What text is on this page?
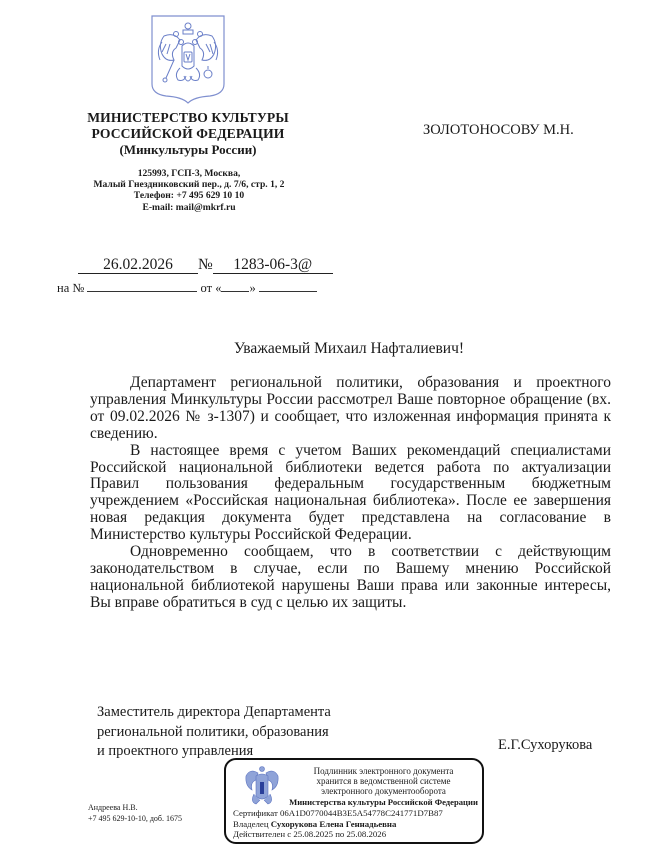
МИНИСТЕРСТВО КУЛЬТУРЫ
РОССИЙСКОЙ ФЕДЕРАЦИИ
(Минкультуры России)
125993, ГСП-3, Москва,
Малый Гнездниковский пер., д. 7/6, стр. 1, 2
Телефон: +7 495 629 10 10
E-mail: mail@mkrf.ru
ЗОЛОТОНОСОВУ М.Н.
26.02.2026 № 1283-06-3@
на №	от « »
Уважаемый Михаил Нафталиевич!

Департамент региональной политики, образования и проектного управления Минкультуры России рассмотрел Ваше повторное обращение (вх. от 09.02.2026 № з-1307) и сообщает, что изложенная информация принята к сведению.

В настоящее время с учетом Ваших рекомендаций специалистами Российской национальной библиотеки ведется работа по актуализации Правил пользования федеральным государственным бюджетным учреждением «Российская национальная библиотека». После ее завершения новая редакция документа будет представлена на согласование в Министерство культуры Российской Федерации.

Одновременно сообщаем, что в соответствии с действующим законодательством в случае, если по Вашему мнению Российской национальной библиотекой нарушены Ваши права или законные интересы, Вы вправе обратиться в суд с целью их защиты.

Заместитель директора Департамента
региональной политики, образования
и проектного управления	Е.Г.Сухорукова
Подлинник электронного документа
хранится в ведомственной системе
электронного документооборота
Министерства культуры Российской Федерации
Сертификат 06A1D0770044B3E5A54778C241771D7B87
Владелец Сухорукова Елена Геннадьевна
Действителен с 25.08.2025 по 25.08.2026
Андреева Н.В.
+7 495 629-10-10, доб. 1675
